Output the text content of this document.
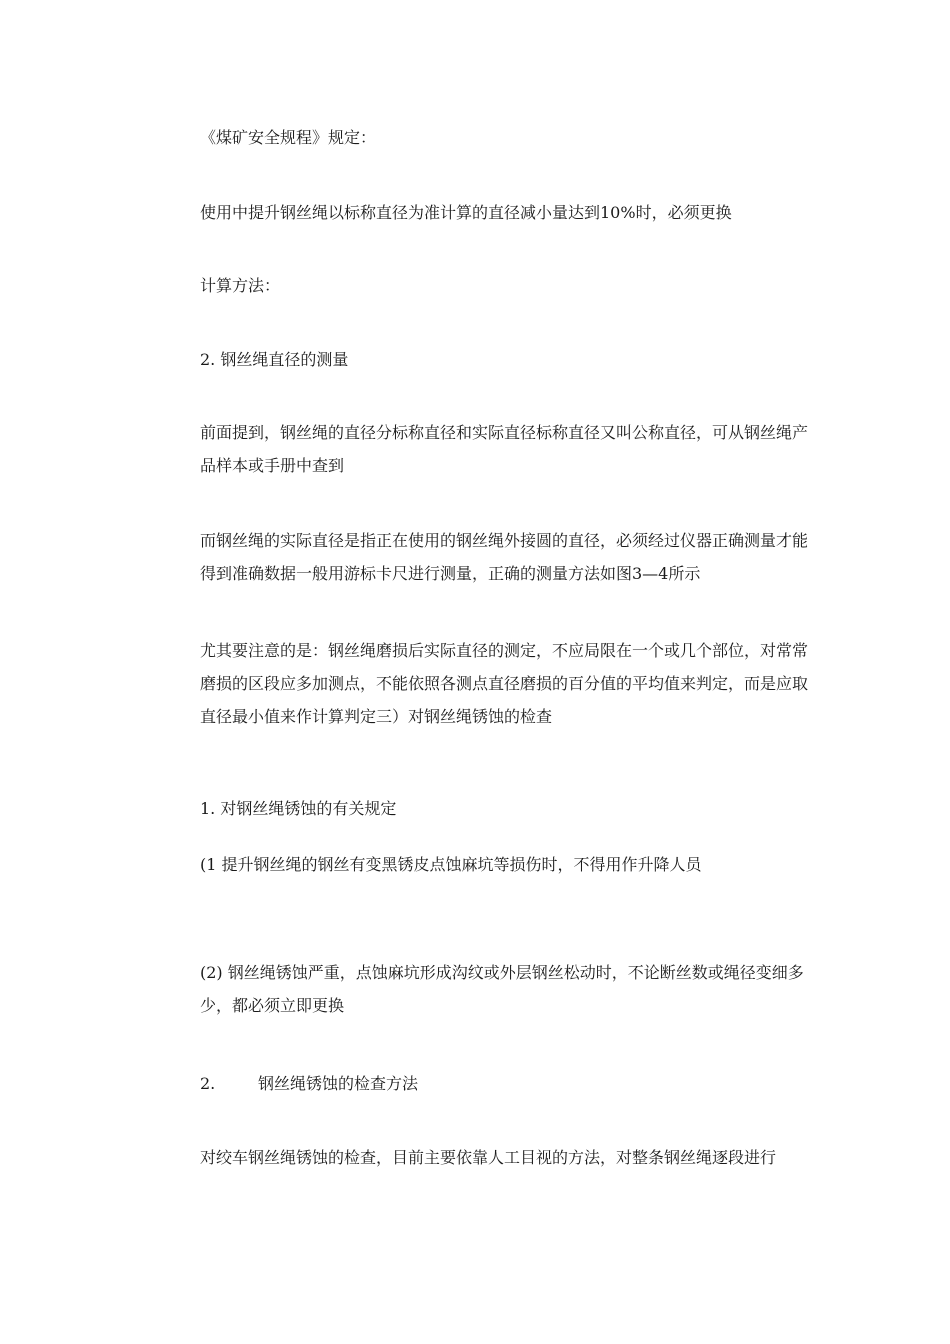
《煤矿安全规程》规定：

使用中提升钢丝绳以标称直径为准计算的直径减小量达到10%时，必须更换

计算方法：

2. 钢丝绳直径的测量

前面提到，钢丝绳的直径分标称直径和实际直径标称直径又叫公称直径，可从钢丝绳产品样本或手册中查到

而钢丝绳的实际直径是指正在使用的钢丝绳外接圆的直径，必须经过仪器正确测量才能得到准确数据一般用游标卡尺进行测量，正确的测量方法如图3—4所示

尤其要注意的是：钢丝绳磨损后实际直径的测定，不应局限在一个或几个部位，对常常磨损的区段应多加测点，不能依照各测点直径磨损的百分值的平均值来判定，而是应取直径最小值来作计算判定三）对钢丝绳锈蚀的检查

1. 对钢丝绳锈蚀的有关规定

(1 提升钢丝绳的钢丝有变黑锈皮点蚀麻坑等损伤时，不得用作升降人员

(2) 钢丝绳锈蚀严重，点蚀麻坑形成沟纹或外层钢丝松动时，不论断丝数或绳径变细多少，都必须立即更换

2.	钢丝绳锈蚀的检查方法

对绞车钢丝绳锈蚀的检查，目前主要依靠人工目视的方法，对整条钢丝绳逐段进行
